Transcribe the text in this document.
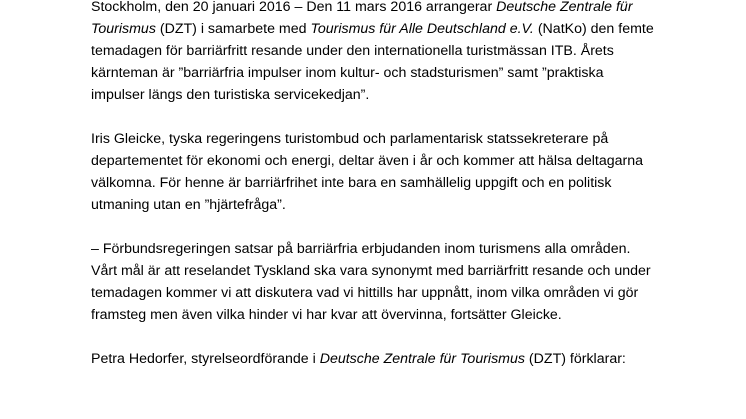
Stockholm, den 20 januari 2016 – Den 11 mars 2016 arrangerar Deutsche Zentrale für
Tourismus (DZT) i samarbete med Tourismus für Alle Deutschland e.V. (NatKo) den femte
temadagen för barriärfritt resande under den internationella turistmässan ITB. Årets
kärnteman är ”barriärfria impulser inom kultur- och stadsturismen” samt ”praktiska
impulser längs den turistiska servicekedjan”.

Iris Gleicke, tyska regeringens turistombud och parlamentarisk statssekreterare på
departementet för ekonomi och energi, deltar även i år och kommer att hälsa deltagarna
välkomna. För henne är barriärfrihet inte bara en samhällelig uppgift och en politisk
utmaning utan en ”hjärtefråga”.

– Förbundsregeringen satsar på barriärfria erbjudanden inom turismens alla områden.
Vårt mål är att reselandet Tyskland ska vara synonymt med barriärfritt resande och under
temadagen kommer vi att diskutera vad vi hittills har uppnått, inom vilka områden vi gör
framsteg men även vilka hinder vi har kvar att övervinna, fortsätter Gleicke.

Petra Hedorfer, styrelseordförande i Deutsche Zentrale für Tourismus (DZT) förklarar:
